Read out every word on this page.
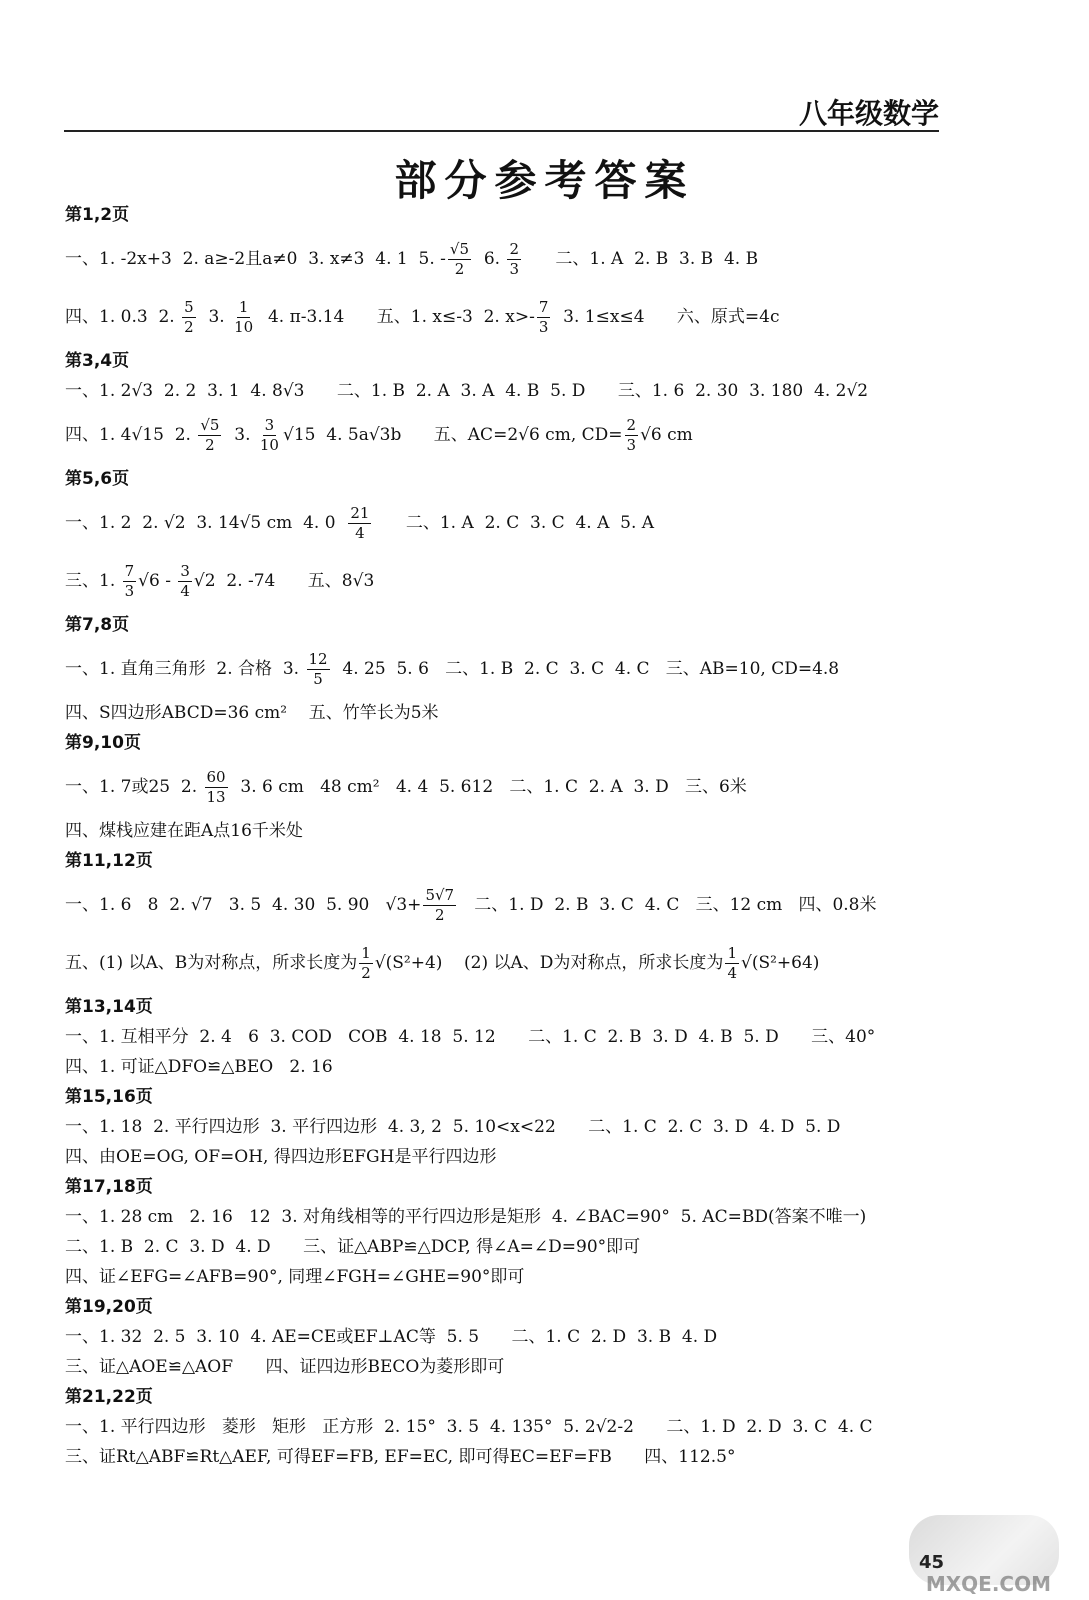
八年级数学
部分参考答案
第1,2页
一、1. -2x+3  2. a≥-2且a≠0  3. x≠3  4. 1  5. - $\frac{√5}{2} 6$. $\frac{2}{3}$ 二、1. A  2. B  3. B  4. B
四、1. 0.3  2. $\frac{5}{2} 3$. $\frac{1}{10} 4$. π-3.14      五、1. x≤-3  2. $x>- \frac{7}{3} 3$. 1≤x≤4      六、原式=4c
第3,4页
一、1. 2√3  2. 2  3. 1  4. 8√3      二、1. B  2. A  3. A  4. B  5. D      三、1. 6  2. 30  3. 180  4. 2√2
四、1. 4√15  2. $\frac{√5}{2} 3$. $\frac{3}{10} √15$  4. 5a√3b      五、AC=2√6 cm, $CD= \frac{2}{3} √6$ cm
第5,6页
一、1. 2  2. √2  3. 14√5 cm  4. $0 \frac{21}{4}$ 二、1. A  2. C  3. C  4. A  5. A
三、1. $\frac{7}{3} √6 - \frac{3}{4} √2$  2. -74      五、8√3
第7,8页
一、1. 直角三角形  2. 合格  3. $\frac{12}{5} 4$. 25  5. 6   二、1. B  2. C  3. C  4. C   三、AB=10, CD=4.8
四、S四边形ABCD=36 cm²    五、竹竿长为5米
第9,10页
一、1. 7或25  2. $\frac{60}{13} 3$. 6 cm   48 cm²   4. 4  5. 612   二、1. C  2. A  3. D   三、6米
四、煤栈应建在距A点16千米处
第11,12页
一、1. 6   8  2. √7   3. 5  4. 30  5. 90   $√3+ \frac{5√7}{2}$ 二、1. D  2. B  3. C  4. C   三、12 cm   四、0.8米
五、(1) 以A、B为对称点，所求长度为 $\frac{1}{2} √(S^2+4)$    (2) 以A、D为对称点，所求长度为 $\frac{1}{4} √(S^2+64)$
第13,14页
一、1. 互相平分  2. 4   6  3. COD   COB  4. 18  5. 12      二、1. C  2. B  3. D  4. B  5. D      三、40°
四、1. 可证△DFO≌△BEO   2. 16
第15,16页
一、1. 18  2. 平行四边形  3. 平行四边形  4. 3, 2  5. 10<x<22      二、1. C  2. C  3. D  4. D  5. D
四、由OE=OG, OF=OH, 得四边形EFGH是平行四边形
第17,18页
一、1. 28 cm   2. 16   12  3. 对角线相等的平行四边形是矩形  4. ∠BAC=90°  5. AC=BD(答案不唯一)
二、1. B  2. C  3. D  4. D      三、证△ABP≌△DCP, 得∠A=∠D=90°即可
四、证∠EFG=∠AFB=90°, 同理∠FGH=∠GHE=90°即可
第19,20页
一、1. 32  2. 5  3. 10  4. AE=CE或EF⊥AC等  5. 5      二、1. C  2. D  3. B  4. D
三、证△AOE≌△AOF      四、证四边形BECO为菱形即可
第21,22页
一、1. 平行四边形   菱形   矩形   正方形  2. 15°  3. 5  4. 135°  5. 2√2-2      二、1. D  2. D  3. C  4. C
三、证Rt△ABF≌Rt△AEF, 可得EF=FB, EF=EC, 即可得EC=EF=FB      四、112.5°
MXQE.COM
45
